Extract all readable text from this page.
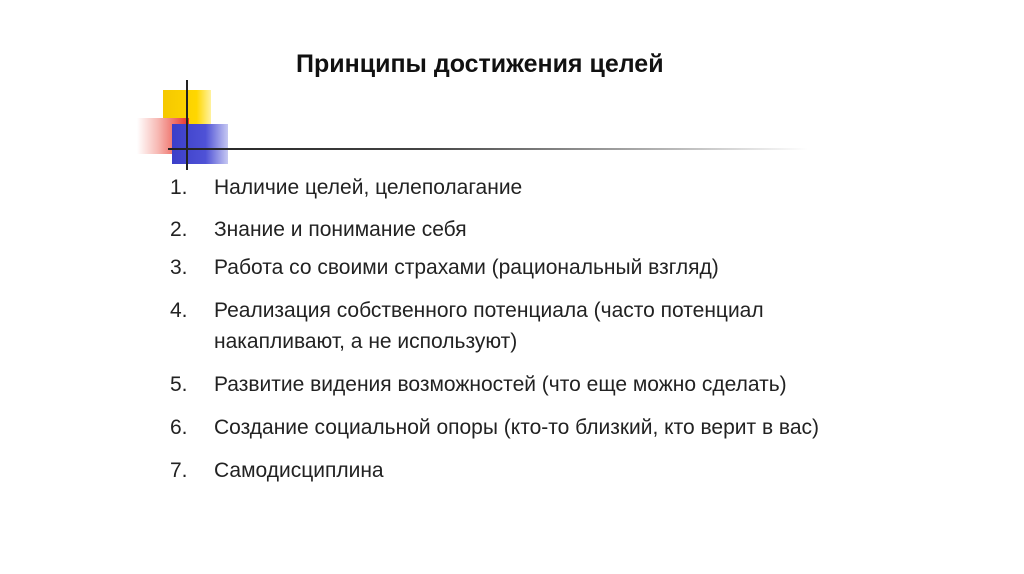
Принципы достижения целей
1. Наличие целей, целеполагание
2. Знание и понимание себя
3. Работа со своими страхами (рациональный взгляд)
4. Реализация собственного потенциала (часто потенциал накапливают, а не используют)
5. Развитие видения возможностей (что еще можно сделать)
6. Создание социальной опоры (кто-то близкий, кто верит в вас)
7. Самодисциплина
